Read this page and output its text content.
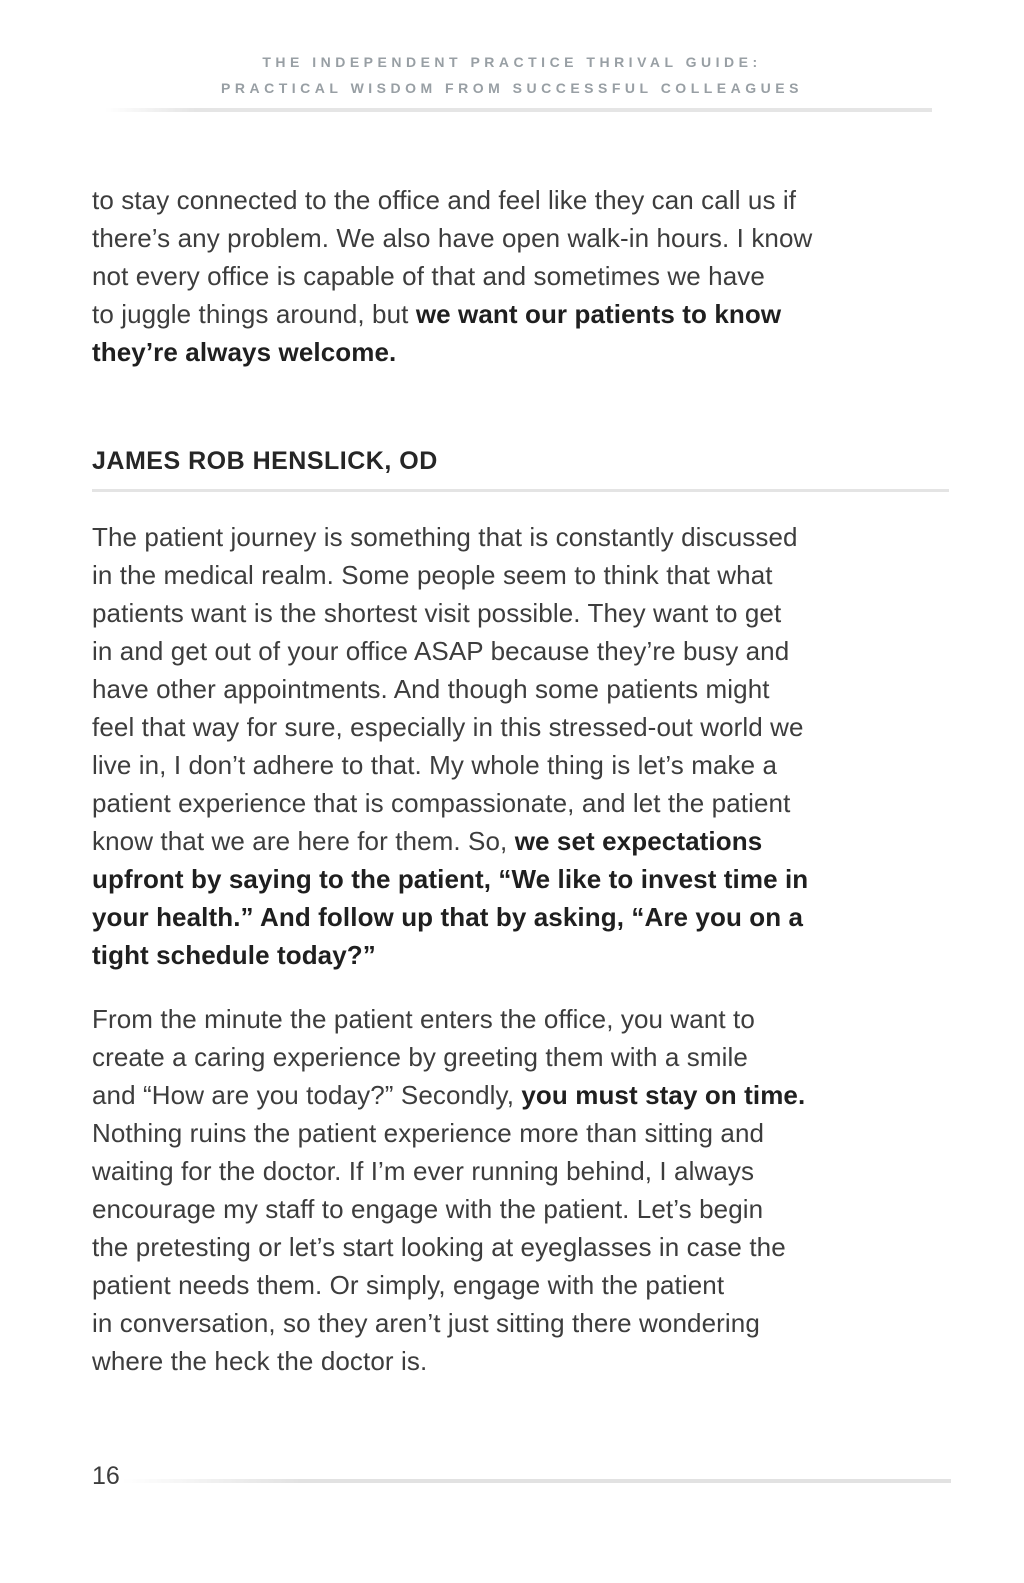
THE INDEPENDENT PRACTICE THRIVAL GUIDE:
PRACTICAL WISDOM FROM SUCCESSFUL COLLEAGUES
to stay connected to the office and feel like they can call us if
there’s any problem. We also have open walk-in hours. I know
not every office is capable of that and sometimes we have
to juggle things around, but we want our patients to know
they’re always welcome.
JAMES ROB HENSLICK, OD
The patient journey is something that is constantly discussed
in the medical realm. Some people seem to think that what
patients want is the shortest visit possible. They want to get
in and get out of your office ASAP because they’re busy and
have other appointments. And though some patients might
feel that way for sure, especially in this stressed-out world we
live in, I don’t adhere to that. My whole thing is let’s make a
patient experience that is compassionate, and let the patient
know that we are here for them. So, we set expectations
upfront by saying to the patient, “We like to invest time in
your health.” And follow up that by asking, “Are you on a
tight schedule today?”
From the minute the patient enters the office, you want to
create a caring experience by greeting them with a smile
and “How are you today?” Secondly, you must stay on time.
Nothing ruins the patient experience more than sitting and
waiting for the doctor. If I’m ever running behind, I always
encourage my staff to engage with the patient. Let’s begin
the pretesting or let’s start looking at eyeglasses in case the
patient needs them. Or simply, engage with the patient
in conversation, so they aren’t just sitting there wondering
where the heck the doctor is.
16
